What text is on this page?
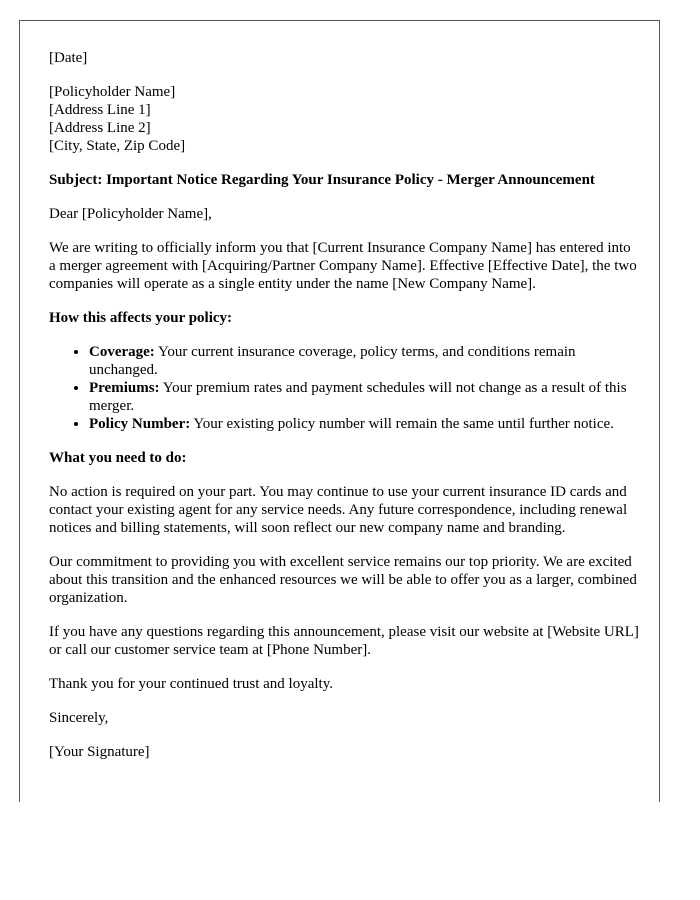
[Date]
[Policyholder Name]
[Address Line 1]
[Address Line 2]
[City, State, Zip Code]
Subject: Important Notice Regarding Your Insurance Policy - Merger Announcement
Dear [Policyholder Name],

We are writing to officially inform you that [Current Insurance Company Name] has entered into a merger agreement with [Acquiring/Partner Company Name]. Effective [Effective Date], the two companies will operate as a single entity under the name [New Company Name].

How this affects your policy:
• Coverage: Your current insurance coverage, policy terms, and conditions remain unchanged.
• Premiums: Your premium rates and payment schedules will not change as a result of this merger.
• Policy Number: Your existing policy number will remain the same until further notice.
What you need to do:

No action is required on your part. You may continue to use your current insurance ID cards and contact your existing agent for any service needs. Any future correspondence, including renewal notices and billing statements, will soon reflect our new company name and branding.

Our commitment to providing you with excellent service remains our top priority. We are excited about this transition and the enhanced resources we will be able to offer you as a larger, combined organization.

If you have any questions regarding this announcement, please visit our website at [Website URL] or call our customer service team at [Phone Number].

Thank you for your continued trust and loyalty.

Sincerely,

[Your Signature]
